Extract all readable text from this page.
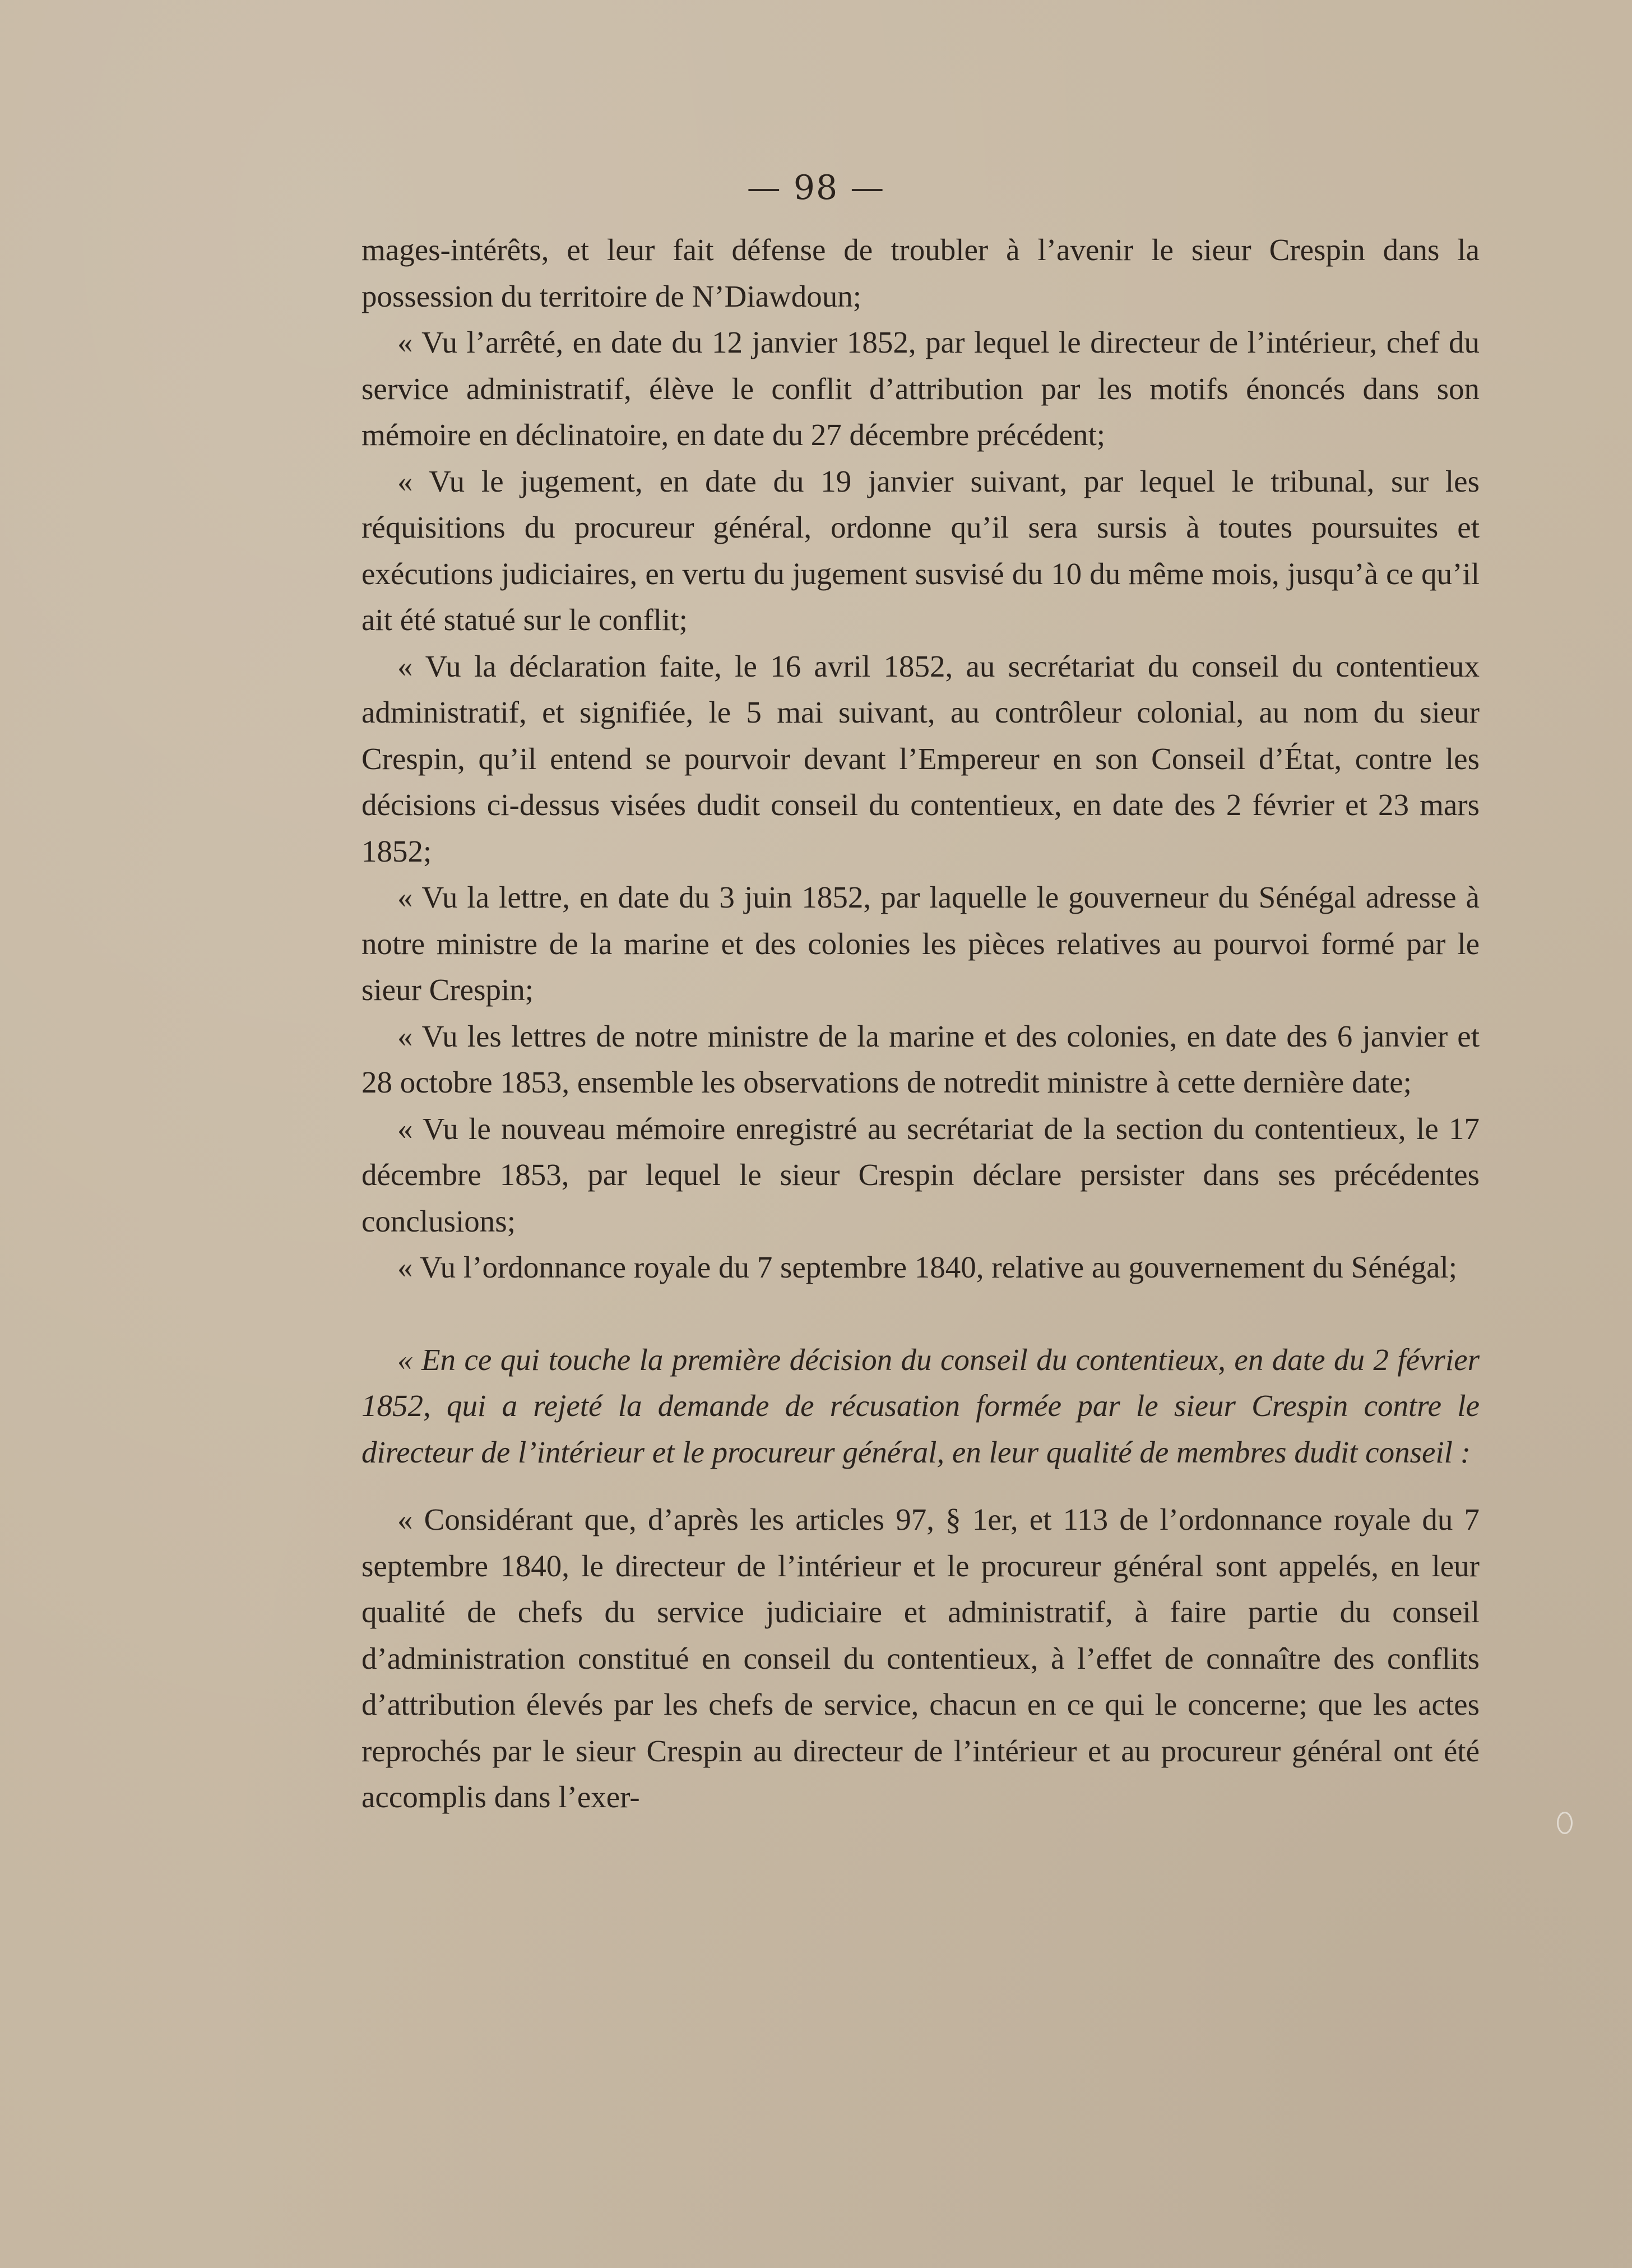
— 98 —

mages-intérêts, et leur fait défense de troubler à l’avenir le sieur Crespin dans la possession du territoire de N’Diawdoun;

« Vu l’arrêté, en date du 12 janvier 1852, par lequel le directeur de l’intérieur, chef du service administratif, élève le conflit d’attribution par les motifs énoncés dans son mémoire en déclinatoire, en date du 27 décembre précédent;

« Vu le jugement, en date du 19 janvier suivant, par lequel le tribunal, sur les réquisitions du procureur général, ordonne qu’il sera sursis à toutes poursuites et exécutions judiciaires, en vertu du jugement susvisé du 10 du même mois, jusqu’à ce qu’il ait été statué sur le conflit;

« Vu la déclaration faite, le 16 avril 1852, au secrétariat du conseil du contentieux administratif, et signifiée, le 5 mai suivant, au contrôleur colonial, au nom du sieur Crespin, qu’il entend se pourvoir devant l’Empereur en son Conseil d’État, contre les décisions ci-dessus visées dudit conseil du contentieux, en date des 2 février et 23 mars 1852;

« Vu la lettre, en date du 3 juin 1852, par laquelle le gouverneur du Sénégal adresse à notre ministre de la marine et des colonies les pièces relatives au pourvoi formé par le sieur Crespin;

« Vu les lettres de notre ministre de la marine et des colonies, en date des 6 janvier et 28 octobre 1853, ensemble les observations de notredit ministre à cette dernière date;

« Vu le nouveau mémoire enregistré au secrétariat de la section du contentieux, le 17 décembre 1853, par lequel le sieur Crespin déclare persister dans ses précédentes conclusions;

« Vu l’ordonnance royale du 7 septembre 1840, relative au gouvernement du Sénégal;

« En ce qui touche la première décision du conseil du contentieux, en date du 2 février 1852, qui a rejeté la demande de récusation formée par le sieur Crespin contre le directeur de l’intérieur et le procureur général, en leur qualité de membres dudit conseil :

« Considérant que, d’après les articles 97, § 1er, et 113 de l’ordonnance royale du 7 septembre 1840, le directeur de l’intérieur et le procureur général sont appelés, en leur qualité de chefs du service judiciaire et administratif, à faire partie du conseil d’administration constitué en conseil du contentieux, à l’effet de connaître des conflits d’attribution élevés par les chefs de service, chacun en ce qui le concerne; que les actes reprochés par le sieur Crespin au directeur de l’intérieur et au procureur général ont été accomplis dans l’exer-
